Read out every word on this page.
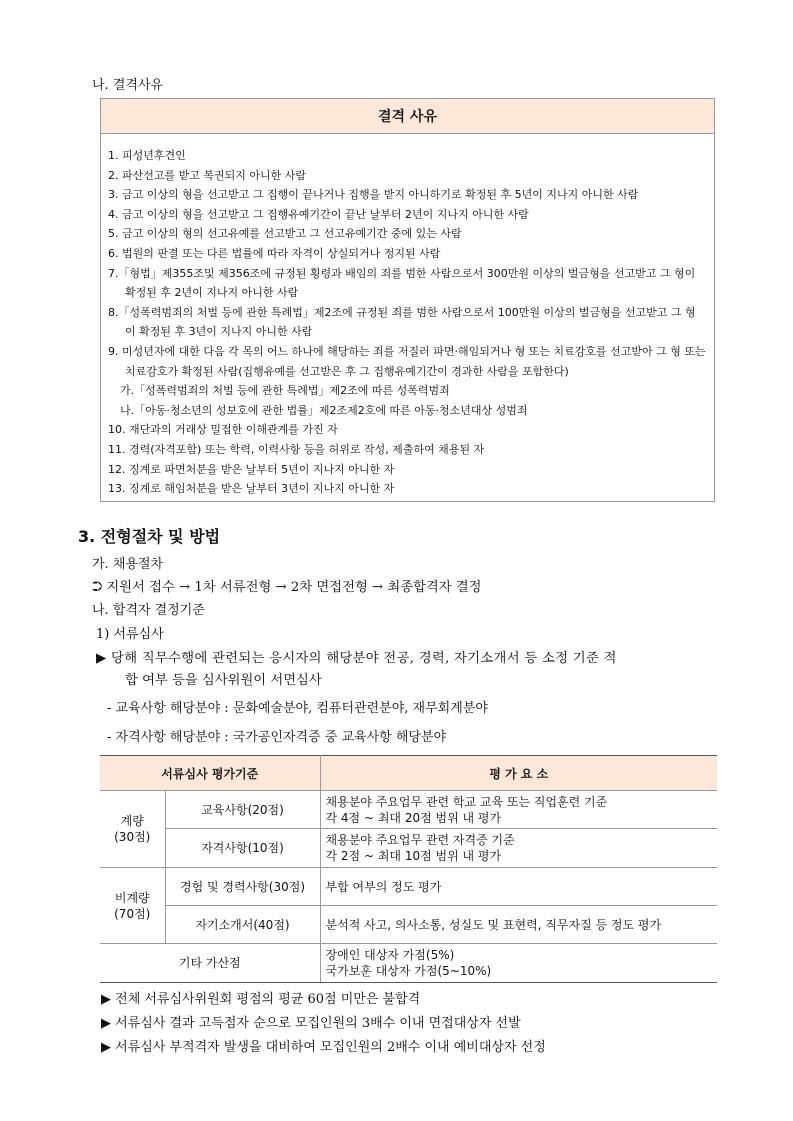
나. 결격사유
결격 사유
1. 피성년후견인
2. 파산선고를 받고 복권되지 아니한 사람
3. 금고 이상의 형을 선고받고 그 집행이 끝나거나 집행을 받지 아니하기로 확정된 후 5년이 지나지 아니한 사람
4. 금고 이상의 형을 선고받고 그 집행유예기간이 끝난 날부터 2년이 지나지 아니한 사람
5. 금고 이상의 형의 선고유예를 선고받고 그 선고유예기간 중에 있는 사람
6. 법원의 판결 또는 다른 법률에 따라 자격이 상실되거나 정지된 사람
7.「형법」제355조및 제356조에 규정된 횡령과 배임의 죄를 범한 사람으로서 300만원 이상의 벌금형을 선고받고 그 형이 확정된 후 2년이 지나지 아니한 사람
8.「성폭력범죄의 처벌 등에 관한 특례법」제2조에 규정된 죄를 범한 사람으로서 100만원 이상의 벌금형을 선고받고 그 형이 확정된 후 3년이 지나지 아니한 사람
9. 미성년자에 대한 다음 각 목의 어느 하나에 해당하는 죄를 저질러 파면·해임되거나 형 또는 치료감호를 선고받아 그 형 또는 치료감호가 확정된 사람(집행유예를 선고받은 후 그 집행유예기간이 경과한 사람을 포함한다)
가.「성폭력범죄의 처벌 등에 관한 특례법」제2조에 따른 성폭력범죄
나.「아동·청소년의 성보호에 관한 법률」제2조제2호에 따른 아동·청소년대상 성범죄
10. 재단과의 거래상 밀접한 이해관계를 가진 자
11. 경력(자격포함) 또는 학력, 이력사항 등을 허위로 작성, 제출하여 채용된 자
12. 징계로 파면처분을 받은 날부터 5년이 지나지 아니한 자
13. 징계로 해임처분을 받은 날부터 3년이 지나지 아니한 자
3. 전형절차 및 방법
가. 채용절차
⮊ 지원서 접수 → 1차 서류전형 → 2차 면접전형 → 최종합격자 결정
나. 합격자 결정기준
1) 서류심사
▶ 당해 직무수행에 관련되는 응시자의 해당분야 전공, 경력, 자기소개서 등 소정 기준 적
합 여부 등을 심사위원이 서면심사
- 교육사항 해당분야 : 문화예술분야, 컴퓨터관련분야, 재무회계분야
- 자격사항 해당분야 : 국가공인자격증 중 교육사항 해당분야
서류심사 평가기준		평 가 요 소
계량
(30점)	교육사항(20점)	채용분야 주요업무 관련 학교 교육 또는 직업훈련 기준
각 4점 ~ 최대 20점 범위 내 평가
	자격사항(10점)	채용분야 주요업무 관련 자격증 기준
각 2점 ~ 최대 10점 범위 내 평가
비계량
(70점)	경험 및 경력사항(30점)	부합 여부의 정도 평가
	자기소개서(40점)	분석적 사고, 의사소통, 성실도 및 표현력, 직무자질 등 정도 평가
기타 가산점		장애인 대상자 가점(5%)
국가보훈 대상자 가점(5~10%)
▶ 전체 서류심사위원회 평점의 평균 60점 미만은 불합격
▶ 서류심사 결과 고득점자 순으로 모집인원의 3배수 이내 면접대상자 선발
▶ 서류심사 부적격자 발생을 대비하여 모집인원의 2배수 이내 예비대상자 선정
